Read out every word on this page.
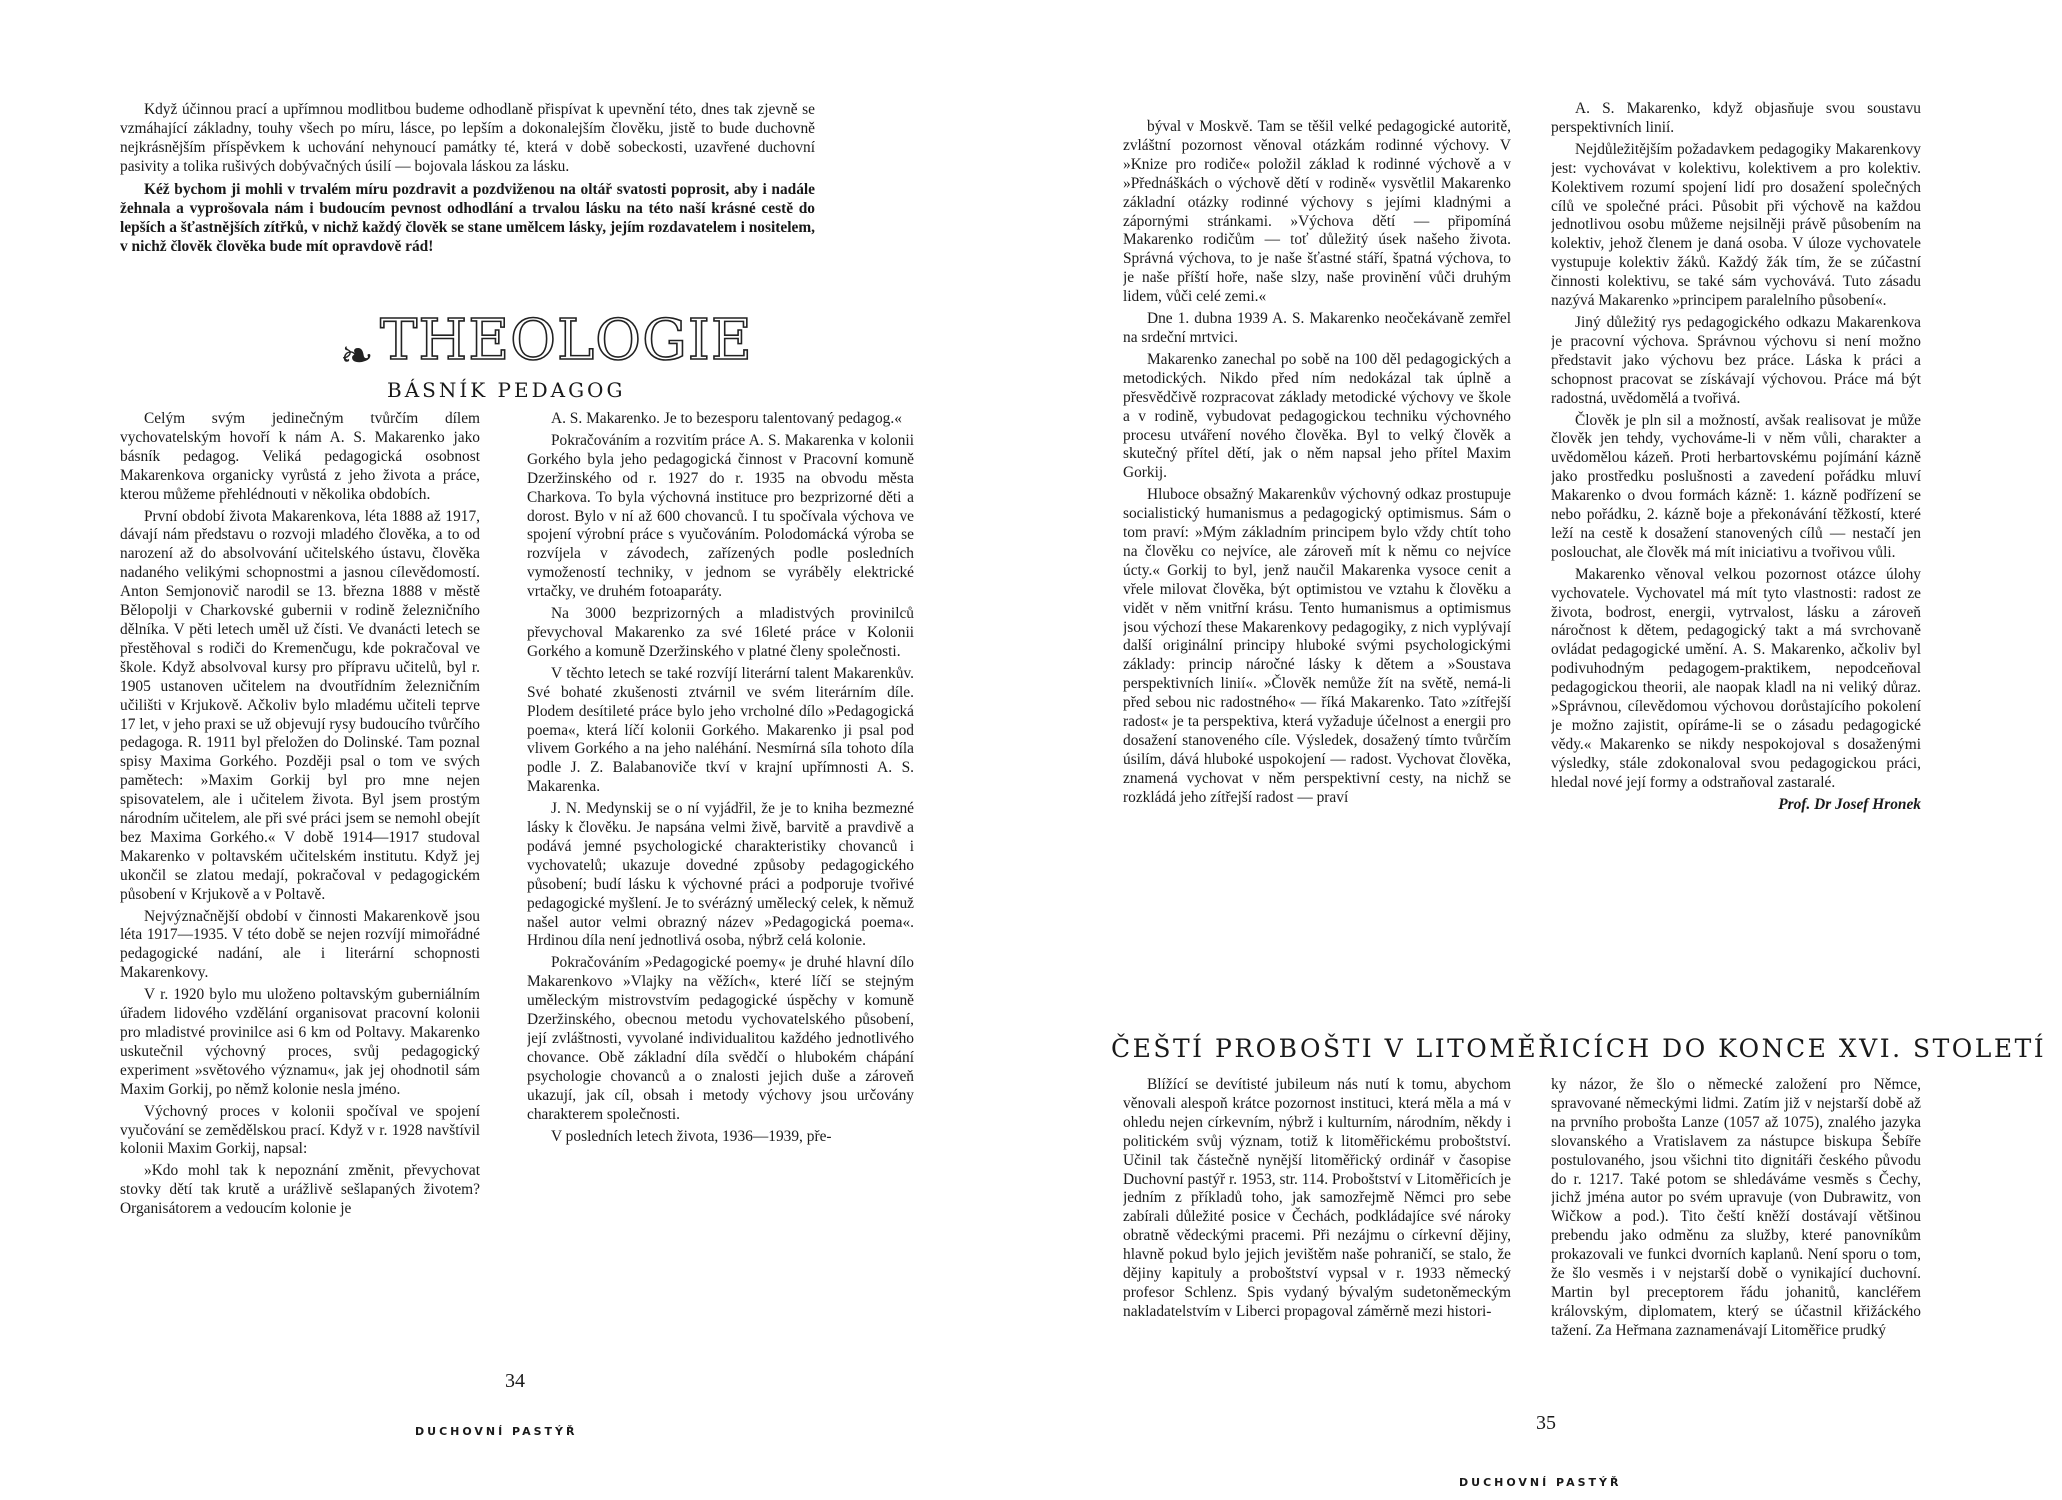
Když účinnou prací a upřímnou modlitbou budeme odhodlaně přispívat k upevnění této, dnes tak zjevně se vzmáhající základny, touhy všech po míru, lásce, po lepším a dokonalejším člověku, jistě to bude duchovně nejkrásnějším příspěvkem k uchování nehynoucí památky té, která v době sobeckosti, uzavřené duchovní pasivity a tolika rušivých dobývačných úsilí — bojovala láskou za lásku.

Kéž bychom ji mohli v trvalém míru pozdravit a pozdviženou na oltář svatosti poprosit, aby i nadále žehnala a vyprošovala nám i budoucím pevnost odhodlání a trvalou lásku na této naší krásné cestě do lepších a šťastnějších zítřků, v nichž každý člověk se stane umělcem lásky, jejím rozdavatelem i nositelem, v nichž člověk člověka bude mít opravdově rád!

❧ THEOLOGIE
BÁSNÍK PEDAGOG

Celým svým jedinečným tvůrčím dílem vychovatelským hovoří k nám A. S. Makarenko jako básník pedagog. Veliká pedagogická osobnost Makarenkova organicky vyrůstá z jeho života a práce, kterou můžeme přehlédnouti v několika obdobích.

První období života Makarenkova, léta 1888 až 1917, dávají nám představu o rozvoji mladého člověka, a to od narození až do absolvování učitelského ústavu, člověka nadaného velikými schopnostmi a jasnou cílevědomostí. Anton Semjonovič narodil se 13. března 1888 v městě Bělopolji v Charkovské gubernii v rodině železničního dělníka. V pěti letech uměl už čísti. Ve dvanácti letech se přestěhoval s rodiči do Kremenčugu, kde pokračoval ve škole. Když absolvoval kursy pro přípravu učitelů, byl r. 1905 ustanoven učitelem na dvoutřídním železničním učilišti v Krjukově. Ačkoliv bylo mladému učiteli teprve 17 let, v jeho praxi se už objevují rysy budoucího tvůrčího pedagoga. R. 1911 byl přeložen do Dolinské. Tam poznal spisy Maxima Gorkého. Později psal o tom ve svých pamětech: »Maxim Gorkij byl pro mne nejen spisovatelem, ale i učitelem života. Byl jsem prostým národním učitelem, ale při své práci jsem se nemohl obejít bez Maxima Gorkého.« V době 1914—1917 studoval Makarenko v poltavském učitelském institutu. Když jej ukončil se zlatou medají, pokračoval v pedagogickém působení v Krjukově a v Poltavě.

Nejvýznačnější období v činnosti Makarenkově jsou léta 1917—1935. V této době se nejen rozvíjí mimořádné pedagogické nadání, ale i literární schopnosti Makarenkovy.

V r. 1920 bylo mu uloženo poltavským guberniálním úřadem lidového vzdělání organisovat pracovní kolonii pro mladistvé provinilce asi 6 km od Poltavy. Makarenko uskutečnil výchovný proces, svůj pedagogický experiment »světového významu«, jak jej ohodnotil sám Maxim Gorkij, po němž kolonie nesla jméno.

Výchovný proces v kolonii spočíval ve spojení vyučování se zemědělskou prací. Když v r. 1928 navštívil kolonii Maxim Gorkij, napsal:

»Kdo mohl tak k nepoznání změnit, převychovat stovky dětí tak krutě a urážlivě sešlapaných životem? Organisátorem a vedoucím kolonie je

A. S. Makarenko. Je to bezesporu talentovaný pedagog.«

Pokračováním a rozvitím práce A. S. Makarenka v kolonii Gorkého byla jeho pedagogická činnost v Pracovní komuně Dzeržinského od r. 1927 do r. 1935 na obvodu města Charkova. To byla výchovná instituce pro bezprizorné děti a dorost. Bylo v ní až 600 chovanců. I tu spočívala výchova ve spojení výrobní práce s vyučováním. Polodomácká výroba se rozvíjela v závodech, zařízených podle posledních vymožeností techniky, v jednom se vyráběly elektrické vrtačky, ve druhém fotoaparáty.

Na 3000 bezprizorných a mladistvých provinilců převychoval Makarenko za své 16leté práce v Kolonii Gorkého a komuně Dzeržinského v platné členy společnosti.

V těchto letech se také rozvíjí literární talent Makarenkův. Své bohaté zkušenosti ztvárnil ve svém literárním díle. Plodem desítileté práce bylo jeho vrcholné dílo »Pedagogická poema«, která líčí kolonii Gorkého. Makarenko ji psal pod vlivem Gorkého a na jeho naléhání. Nesmírná síla tohoto díla podle J. Z. Balabanoviče tkví v krajní upřímnosti A. S. Makarenka.

J. N. Medynskij se o ní vyjádřil, že je to kniha bezmezné lásky k člověku. Je napsána velmi živě, barvitě a pravdivě a podává jemné psychologické charakteristiky chovanců i vychovatelů; ukazuje dovedné způsoby pedagogického působení; budí lásku k výchovné práci a podporuje tvořivé pedagogické myšlení. Je to svérázný umělecký celek, k němuž našel autor velmi obrazný název »Pedagogická poema«. Hrdinou díla není jednotlivá osoba, nýbrž celá kolonie.

Pokračováním »Pedagogické poemy« je druhé hlavní dílo Makarenkovo »Vlajky na věžích«, které líčí se stejným uměleckým mistrovstvím pedagogické úspěchy v komuně Dzeržinského, obecnou metodu vychovatelského působení, její zvláštnosti, vyvolané individualitou každého jednotlivého chovance. Obě základní díla svědčí o hlubokém chápání psychologie chovanců a o znalosti jejich duše a zároveň ukazují, jak cíl, obsah i metody výchovy jsou určovány charakterem společnosti.

V posledních letech života, 1936—1939, pře-

34
DUCHOVNÍ PASTÝŘ

býval v Moskvě. Tam se těšil velké pedagogické autoritě, zvláštní pozornost věnoval otázkám rodinné výchovy. V »Knize pro rodiče« položil základ k rodinné výchově a v »Přednáškách o výchově dětí v rodině« vysvětlil Makarenko základní otázky rodinné výchovy s jejími kladnými a zápornými stránkami. »Výchova dětí — připomíná Makarenko rodičům — toť důležitý úsek našeho života. Správná výchova, to je naše šťastné stáří, špatná výchova, to je naše příští hoře, naše slzy, naše provinění vůči druhým lidem, vůči celé zemi.«

Dne 1. dubna 1939 A. S. Makarenko neočekávaně zemřel na srdeční mrtvici.

Makarenko zanechal po sobě na 100 děl pedagogických a metodických. Nikdo před ním nedokázal tak úplně a přesvědčivě rozpracovat základy metodické výchovy ve škole a v rodině, vybudovat pedagogickou techniku výchovného procesu utváření nového člověka. Byl to velký člověk a skutečný přítel dětí, jak o něm napsal jeho přítel Maxim Gorkij.

Hluboce obsažný Makarenkův výchovný odkaz prostupuje socialistický humanismus a pedagogický optimismus. Sám o tom praví: »Mým základním principem bylo vždy chtít toho na člověku co nejvíce, ale zároveň mít k němu co nejvíce úcty.« Gorkij to byl, jenž naučil Makarenka vysoce cenit a vřele milovat člověka, být optimistou ve vztahu k člověku a vidět v něm vnitřní krásu. Tento humanismus a optimismus jsou výchozí these Makarenkovy pedagogiky, z nich vyplývají další originální principy hluboké svými psychologickými základy: princip náročné lásky k dětem a »Soustava perspektivních linií«. »Člověk nemůže žít na světě, nemá-li před sebou nic radostného« — říká Makarenko. Tato »zítřejší radost« je ta perspektiva, která vyžaduje účelnost a energii pro dosažení stanoveného cíle. Výsledek, dosažený tímto tvůrčím úsilím, dává hluboké uspokojení — radost. Vychovat člověka, znamená vychovat v něm perspektivní cesty, na nichž se rozkládá jeho zítřejší radost — praví

A. S. Makarenko, když objasňuje svou soustavu perspektivních linií.

Nejdůležitějším požadavkem pedagogiky Makarenkovy jest: vychovávat v kolektivu, kolektivem a pro kolektiv. Kolektivem rozumí spojení lidí pro dosažení společných cílů ve společné práci. Působit při výchově na každou jednotlivou osobu můžeme nejsilněji právě působením na kolektiv, jehož členem je daná osoba. V úloze vychovatele vystupuje kolektiv žáků. Každý žák tím, že se zúčastní činnosti kolektivu, se také sám vychovává. Tuto zásadu nazývá Makarenko »principem paralelního působení«.

Jiný důležitý rys pedagogického odkazu Makarenkova je pracovní výchova. Správnou výchovu si není možno představit jako výchovu bez práce. Láska k práci a schopnost pracovat se získávají výchovou. Práce má být radostná, uvědomělá a tvořivá.

Člověk je pln sil a možností, avšak realisovat je může člověk jen tehdy, vychovámе-li v něm vůli, charakter a uvědomělou kázeň. Proti herbartovskému pojímání kázně jako prostředku poslušnosti a zavedení pořádku mluví Makarenko o dvou formách kázně: 1. kázně podřízení se nebo pořádku, 2. kázně boje a překonávání těžkostí, které leží na cestě k dosažení stanovených cílů — nestačí jen poslouchat, ale člověk má mít iniciativu a tvořivou vůli.

Makarenko věnoval velkou pozornost otázce úlohy vychovatele. Vychovatel má mít tyto vlastnosti: radost ze života, bodrost, energii, vytrvalost, lásku a zároveň náročnost k dětem, pedagogický takt a má svrchovaně ovládat pedagogické umění. A. S. Makarenko, ačkoliv byl podivuhodným pedagogem-praktikem, nepodceňoval pedagogickou theorii, ale naopak kladl na ni veliký důraz. »Správnou, cílevědomou výchovou dorůstajícího pokolení je možno zajistit, opíráme-li se o zásadu pedagogické vědy.« Makarenko se nikdy nespokojoval s dosaženými výsledky, stále zdokonaloval svou pedagogickou práci, hledal nové její formy a odstraňoval zastaralé.

Prof. Dr Josef Hronek

ČEŠTÍ PROBOŠTI V LITOMĚŘICÍCH DO KONCE XVI. STOLETÍ

Blížící se devítisté jubileum nás nutí k tomu, abychom věnovali alespoň krátce pozornost instituci, která měla a má v ohledu nejen církevním, nýbrž i kulturním, národním, někdy i politickém svůj význam, totiž k litoměřickému proboštství. Učinil tak částečně nynější litoměřický ordinář v časopise Duchovní pastýř r. 1953, str. 114. Proboštství v Litoměřicích je jedním z příkladů toho, jak samozřejmě Němci pro sebe zabírali důležité posice v Čechách, podkládajíce své nároky obratně vědeckými pracemi. Při nezájmu o církevní dějiny, hlavně pokud bylo jejich jevištěm naše pohraničí, se stalo, že dějiny kapituly a proboštství vypsal v r. 1933 německý profesor Schlenz. Spis vydaný bývalým sudetoněmeckým nakladatelstvím v Liberci propagoval záměrně mezi histori-

ky názor, že šlo o německé založení pro Němce, spravované německými lidmi. Zatím již v nejstarší době až na prvního probošta Lanze (1057 až 1075), znalého jazyka slovanského a Vratislavem za nástupce biskupa Šebíře postulovaného, jsou všichni tito dignitáři českého původu do r. 1217. Také potom se shledáváme vesměs s Čechy, jichž jména autor po svém upravuje (von Dubrawitz, von Wičkow a pod.). Tito čeští kněží dostávají většinou prebendu jako odměnu za služby, které panovníkům prokazovali ve funkci dvorních kaplanů. Není sporu o tom, že šlo vesměs i v nejstarší době o vynikající duchovní. Martin byl preceptorem řádu johanitů, kancléřem královským, diplomatem, který se účastnil křižáckého tažení. Za Heřmana zaznamenávají Litoměřice prudký

35
DUCHOVNÍ PASTÝŘ
